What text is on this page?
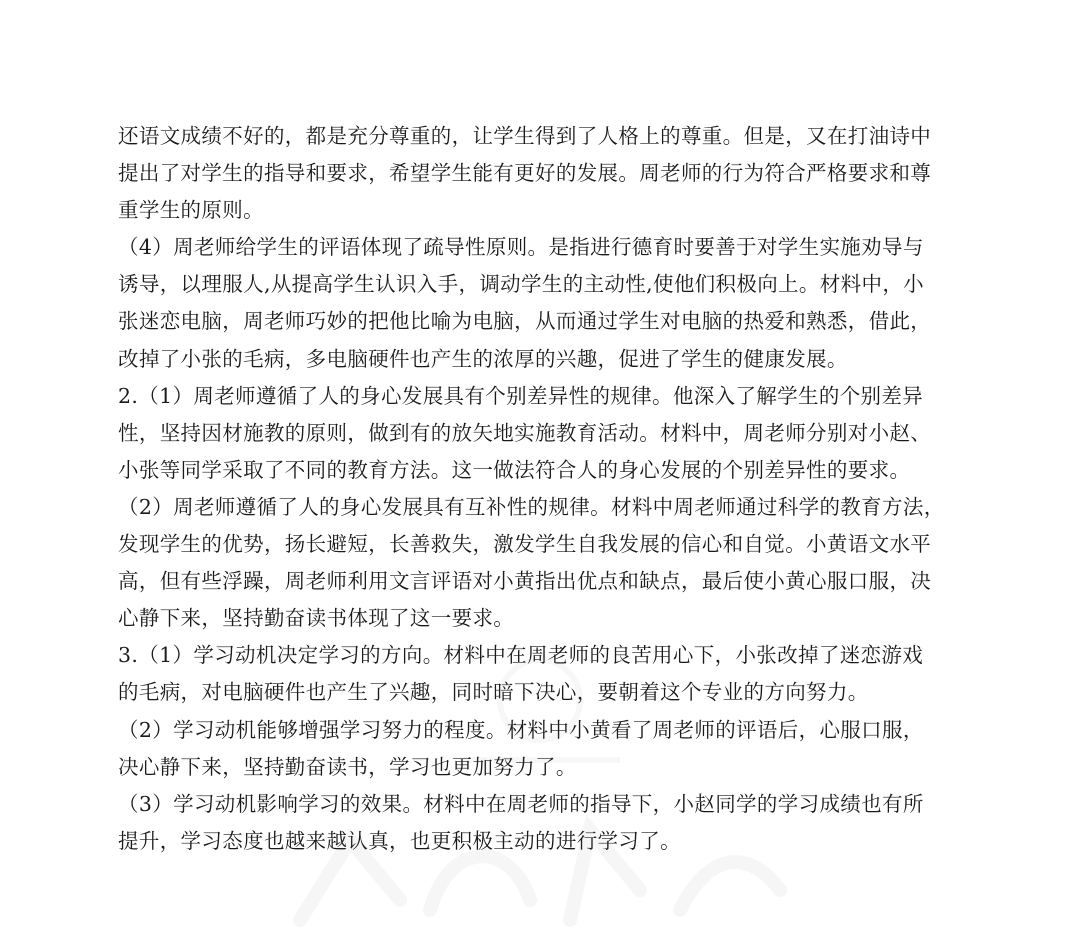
还语文成绩不好的，都是充分尊重的，让学生得到了人格上的尊重。但是，又在打油诗中
提出了对学生的指导和要求，希望学生能有更好的发展。周老师的行为符合严格要求和尊
重学生的原则。
（4）周老师给学生的评语体现了疏导性原则。是指进行德育时要善于对学生实施劝导与
诱导，以理服人,从提高学生认识入手，调动学生的主动性,使他们积极向上。材料中，小
张迷恋电脑，周老师巧妙的把他比喻为电脑，从而通过学生对电脑的热爱和熟悉，借此，
改掉了小张的毛病，多电脑硬件也产生的浓厚的兴趣，促进了学生的健康发展。
2.（1）周老师遵循了人的身心发展具有个别差异性的规律。他深入了解学生的个别差异
性，坚持因材施教的原则，做到有的放矢地实施教育活动。材料中，周老师分别对小赵、
小张等同学采取了不同的教育方法。这一做法符合人的身心发展的个别差异性的要求。
（2）周老师遵循了人的身心发展具有互补性的规律。材料中周老师通过科学的教育方法，
发现学生的优势，扬长避短，长善救失，激发学生自我发展的信心和自觉。小黄语文水平
高，但有些浮躁，周老师利用文言评语对小黄指出优点和缺点，最后使小黄心服口服，决
心静下来，坚持勤奋读书体现了这一要求。
3.（1）学习动机决定学习的方向。材料中在周老师的良苦用心下，小张改掉了迷恋游戏
的毛病，对电脑硬件也产生了兴趣，同时暗下决心，要朝着这个专业的方向努力。
（2）学习动机能够增强学习努力的程度。材料中小黄看了周老师的评语后，心服口服，
决心静下来，坚持勤奋读书，学习也更加努力了。
（3）学习动机影响学习的效果。材料中在周老师的指导下，小赵同学的学习成绩也有所
提升，学习态度也越来越认真，也更积极主动的进行学习了。
